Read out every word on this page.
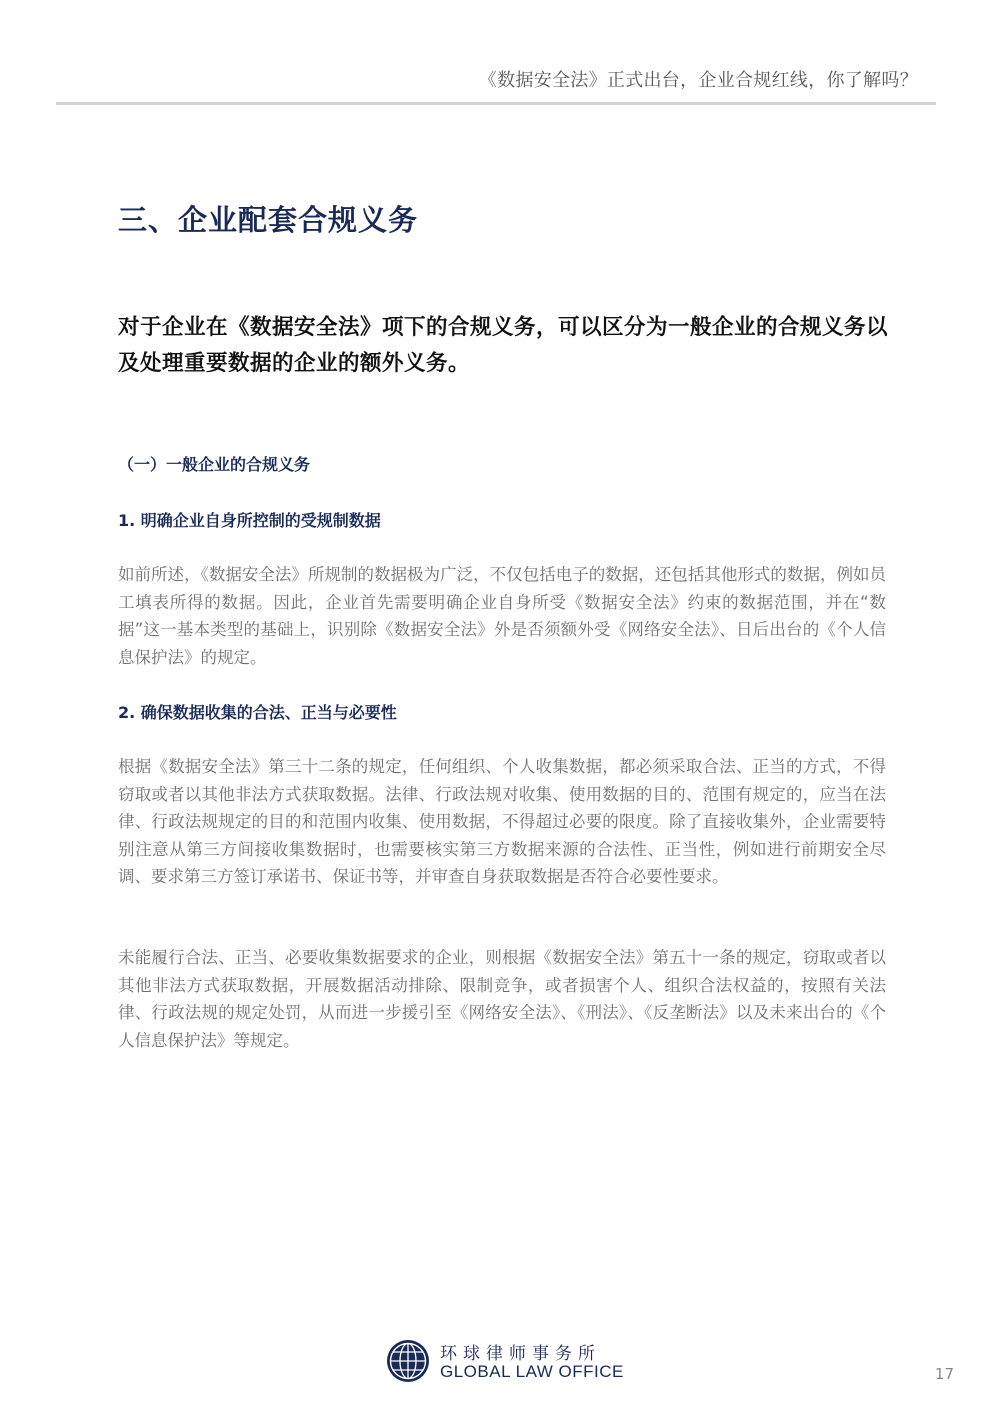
《数据安全法》正式出台，企业合规红线，你了解吗？
三、企业配套合规义务

对于企业在《数据安全法》项下的合规义务，可以区分为一般企业的合规义务以及处理重要数据的企业的额外义务。

（一）一般企业的合规义务
1. 明确企业自身所控制的受规制数据

如前所述，《数据安全法》所规制的数据极为广泛，不仅包括电子的数据，还包括其他形式的数据，例如员工填表所得的数据。因此，企业首先需要明确企业自身所受《数据安全法》约束的数据范围，并在“数据”这一基本类型的基础上，识别除《数据安全法》外是否须额外受《网络安全法》、日后出台的《个人信息保护法》的规定。

2. 确保数据收集的合法、正当与必要性

根据《数据安全法》第三十二条的规定，任何组织、个人收集数据，都必须采取合法、正当的方式，不得窃取或者以其他非法方式获取数据。法律、行政法规对收集、使用数据的目的、范围有规定的，应当在法律、行政法规规定的目的和范围内收集、使用数据，不得超过必要的限度。除了直接收集外，企业需要特别注意从第三方间接收集数据时，也需要核实第三方数据来源的合法性、正当性，例如进行前期安全尽调、要求第三方签订承诺书、保证书等，并审查自身获取数据是否符合必要性要求。

未能履行合法、正当、必要收集数据要求的企业，则根据《数据安全法》第五十一条的规定，窃取或者以其他非法方式获取数据，开展数据活动排除、限制竞争，或者损害个人、组织合法权益的，按照有关法律、行政法规的规定处罚，从而进一步援引至《网络安全法》、《刑法》、《反垄断法》以及未来出台的《个人信息保护法》等规定。

环球律师事务所
GLOBAL LAW OFFICE	17
